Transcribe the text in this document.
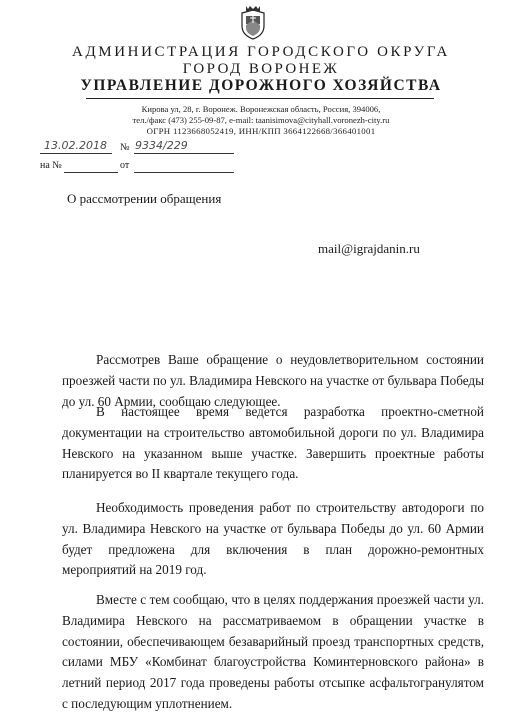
АДМИНИСТРАЦИЯ ГОРОДСКОГО ОКРУГА
ГОРОД ВОРОНЕЖ
УПРАВЛЕНИЕ ДОРОЖНОГО ХОЗЯЙСТВА
Кирова ул, 28, г. Воронеж. Воронежская область, Россия, 394006,
тел./факс (473) 255-09-87, e-mail: taanisimova@cityhall.voronezh-city.ru
ОГРН 1123668052419, ИНН/КПП 3664122668/366401001
13.02.2018 № 9334/229
на №	от
О рассмотрении обращения
mail@igrajdanin.ru
Рассмотрев Ваше обращение о неудовлетворительном состоянии проезжей части по ул. Владимира Невского на участке от бульвара Победы до ул. 60 Армии, сообщаю следующее.
В настоящее время ведется разработка проектно-сметной документации на строительство автомобильной дороги по ул. Владимира Невского на указанном выше участке. Завершить проектные работы планируется во II квартале текущего года.
Необходимость проведения работ по строительству автодороги по ул. Владимира Невского на участке от бульвара Победы до ул. 60 Армии будет предложена для включения в план дорожно-ремонтных мероприятий на 2019 год.
Вместе с тем сообщаю, что в целях поддержания проезжей части ул. Владимира Невского на рассматриваемом в обращении участке в состоянии, обеспечивающем безаварийный проезд транспортных средств, силами МБУ «Комбинат благоустройства Коминтерновского района» в летний период 2017 года проведены работы отсыпке асфальтогранулятом с последующим уплотнением.
